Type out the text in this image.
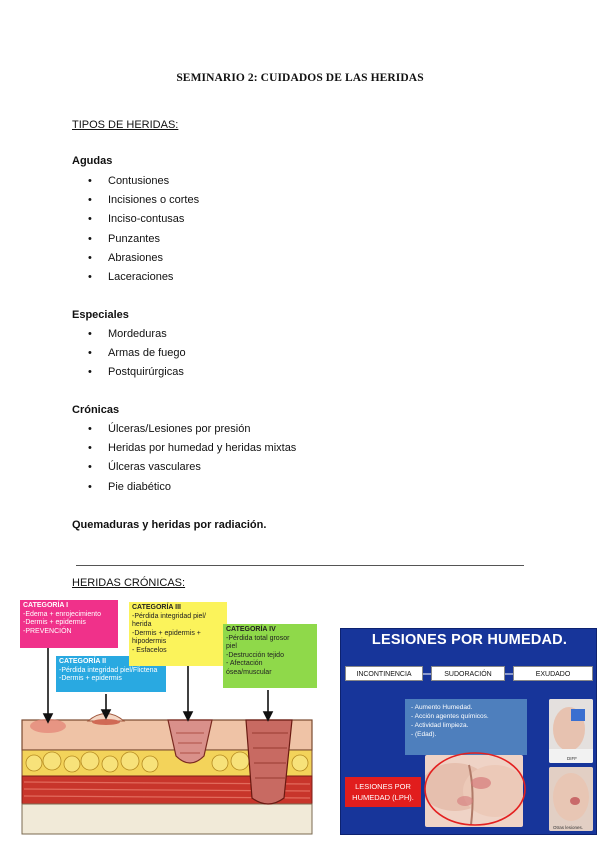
SEMINARIO 2: CUIDADOS DE LAS HERIDAS
TIPOS DE HERIDAS:
Agudas
• Contusiones
• Incisiones o cortes
• Inciso-contusas
• Punzantes
• Abrasiones
• Laceraciones
Especiales
• Mordeduras
• Armas de fuego
• Postquirúrgicas
Crónicas
• Úlceras/Lesiones por presión
• Heridas por humedad y heridas mixtas
• Úlceras vasculares
• Pie diabético
Quemaduras y heridas por radiación.
HERIDAS CRÓNICAS:
CATEGORÍA I
-Edema + enrojecimiento
-Dermis + epidermis
-PREVENCIÓN
CATEGORÍA II
-Pérdida integridad piel/Flictena
-Dermis + epidermis
CATEGORÍA III
-Pérdida integridad piel/
herida
-Dermis + epidermis +
hipodermis
- Esfacelos
CATEGORÍA IV
-Pérdida total grosor
piel
-Destrucción tejido
- Afectación
ósea/muscular
LESIONES POR HUMEDAD.
INCONTINENCIA	SUDORACIÓN	EXUDADO
- Aumento Humedad.
- Acción agentes químicos.
- Actividad limpieza.
- (Edad).
LESIONES POR
HUMEDAD (LPH).
DIFF
Otras lesiones.
